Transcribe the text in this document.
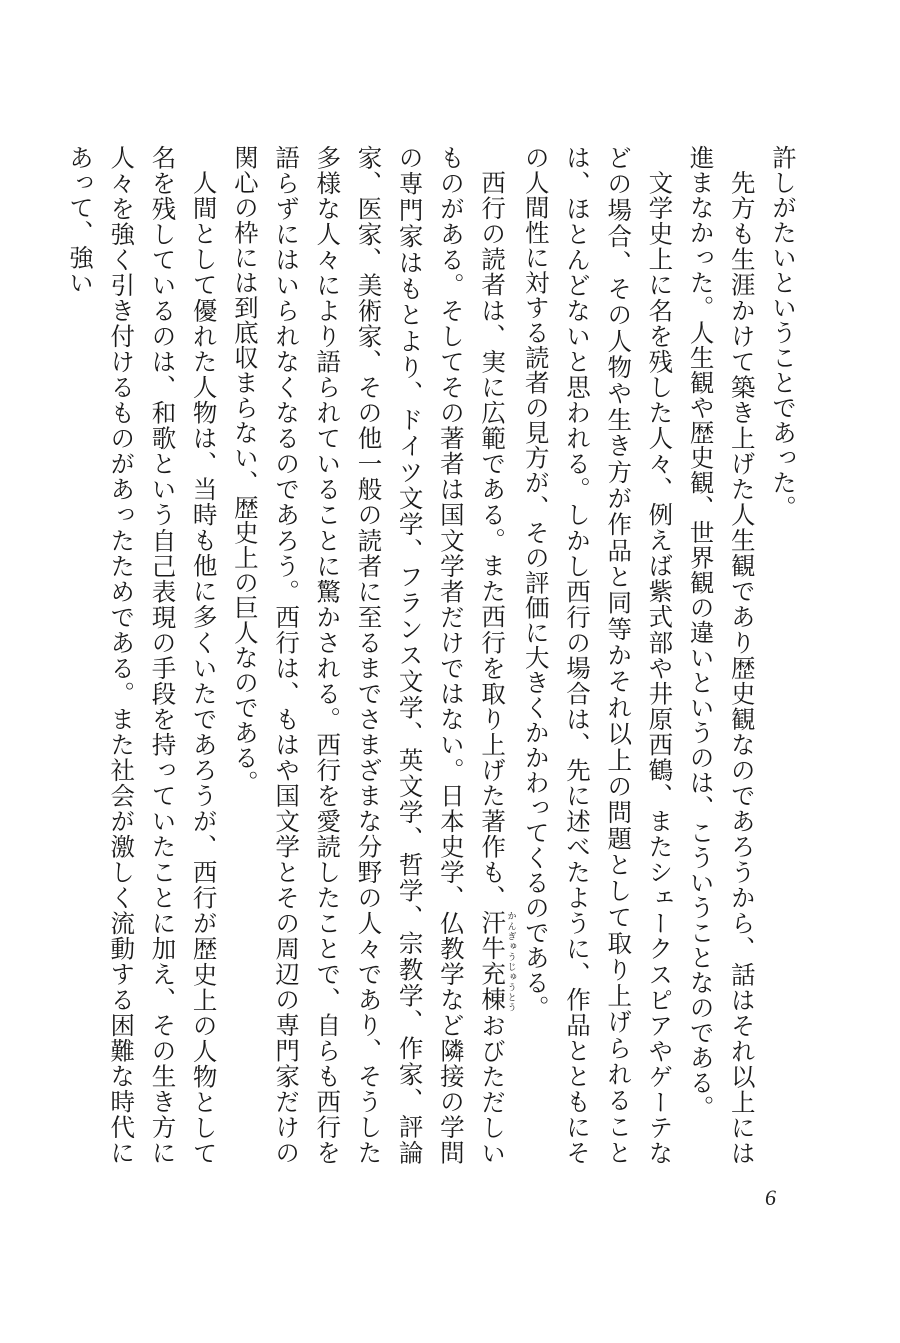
許しがたいということであった。

先方も生涯かけて築き上げた人生観であり歴史観なのであろうから、話はそれ以上には進まなかった。人生観や歴史観、世界観の違いというのは、こういうことなのである。

文学史上に名を残した人々、例えば紫式部や井原西鶴、またシェークスピアやゲーテなどの場合、その人物や生き方が作品と同等かそれ以上の問題として取り上げられることは、ほとんどないと思われる。しかし西行の場合は、先に述べたように、作品とともにその人間性に対する読者の見方が、その評価に大きくかかわってくるのである。

西行の読者は、実に広範である。また西行を取り上げた著作も、汗牛充棟かんぎゅうじゅうとうおびただしいものがある。そしてその著者は国文学者だけではない。日本史学、仏教学など隣接の学問の専門家はもとより、ドイツ文学、フランス文学、英文学、哲学、宗教学、作家、評論家、医家、美術家、その他一般の読者に至るまでさまざまな分野の人々であり、そうした多様な人々により語られていることに驚かされる。西行を愛読したことで、自らも西行を語らずにはいられなくなるのであろう。西行は、もはや国文学とその周辺の専門家だけの関心の枠には到底収まらない、歴史上の巨人なのである。

人間として優れた人物は、当時も他に多くいたであろうが、西行が歴史上の人物として名を残しているのは、和歌という自己表現の手段を持っていたことに加え、その生き方に人々を強く引き付けるものがあったためである。また社会が激しく流動する困難な時代にあって、強い

6
